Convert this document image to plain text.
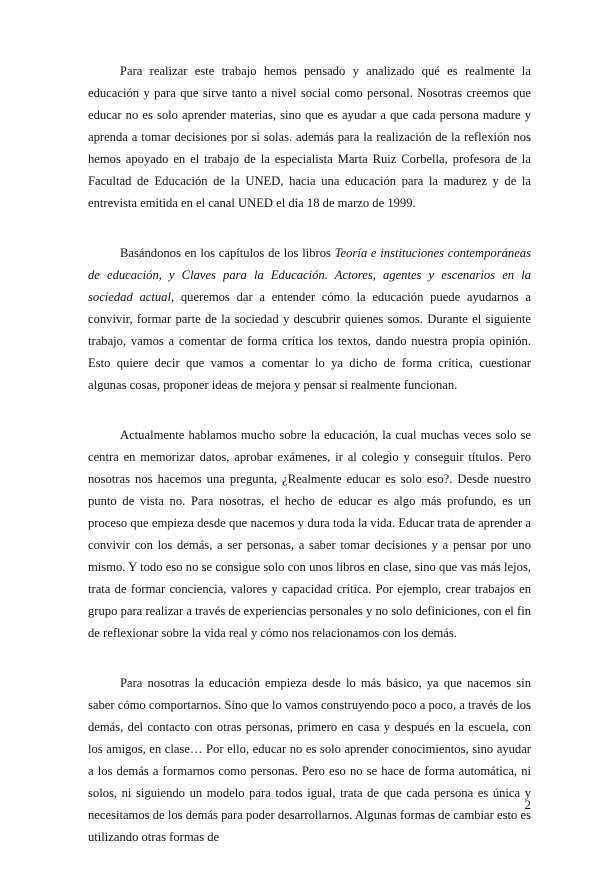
Para realizar este trabajo hemos pensado y analizado qué es realmente la educación y para que sirve tanto a nivel social como personal. Nosotras creemos que educar no es solo aprender materias, sino que es ayudar a que cada persona madure y aprenda a tomar decisiones por si solas. además para la realización de la reflexión nos hemos apoyado en el trabajo de la especialista Marta Ruiz Corbella, profesora de la Facultad de Educación de la UNED, hacia una educación para la madurez y de la entrevista emitida en el canal UNED el día 18 de marzo de 1999.

Basándonos en los capítulos de los libros Teoría e instituciones contemporáneas de educación, y Claves para la Educación. Actores, agentes y escenarios en la sociedad actual, queremos dar a entender cómo la educación puede ayudarnos a convivir, formar parte de la sociedad y descubrir quienes somos. Durante el siguiente trabajo, vamos a comentar de forma crítica los textos, dando nuestra propia opinión. Esto quiere decir que vamos a comentar lo ya dicho de forma crítica, cuestionar algunas cosas, proponer ideas de mejora y pensar si realmente funcionan.

Actualmente hablamos mucho sobre la educación, la cual muchas veces solo se centra en memorizar datos, aprobar exámenes, ir al colegio y conseguir títulos. Pero nosotras nos hacemos una pregunta, ¿Realmente educar es solo eso?. Desde nuestro punto de vista no. Para nosotras, el hecho de educar es algo más profundo, es un proceso que empieza desde que nacemos y dura toda la vida. Educar trata de aprender a convivir con los demás, a ser personas, a saber tomar decisiones y a pensar por uno mismo. Y todo eso no se consigue solo con unos libros en clase, sino que vas más lejos, trata de formar conciencia, valores y capacidad crítica. Por ejemplo, crear trabajos en grupo para realizar a través de experiencias personales y no solo definiciones, con el fin de reflexionar sobre la vida real y cómo nos relacionamos con los demás.

Para nosotras la educación empieza desde lo más básico, ya que nacemos sin saber cómo comportarnos. Sino que lo vamos construyendo poco a poco, a través de los demás, del contacto con otras personas, primero en casa y después en la escuela, con los amigos, en clase… Por ello, educar no es solo aprender conocimientos, sino ayudar a los demás a formarnos como personas. Pero eso no se hace de forma automática, ni solos, ni siguiendo un modelo para todos igual, trata de que cada persona es única y necesitamos de los demás para poder desarrollarnos. Algunas formas de cambiar esto es utilizando otras formas de

2
